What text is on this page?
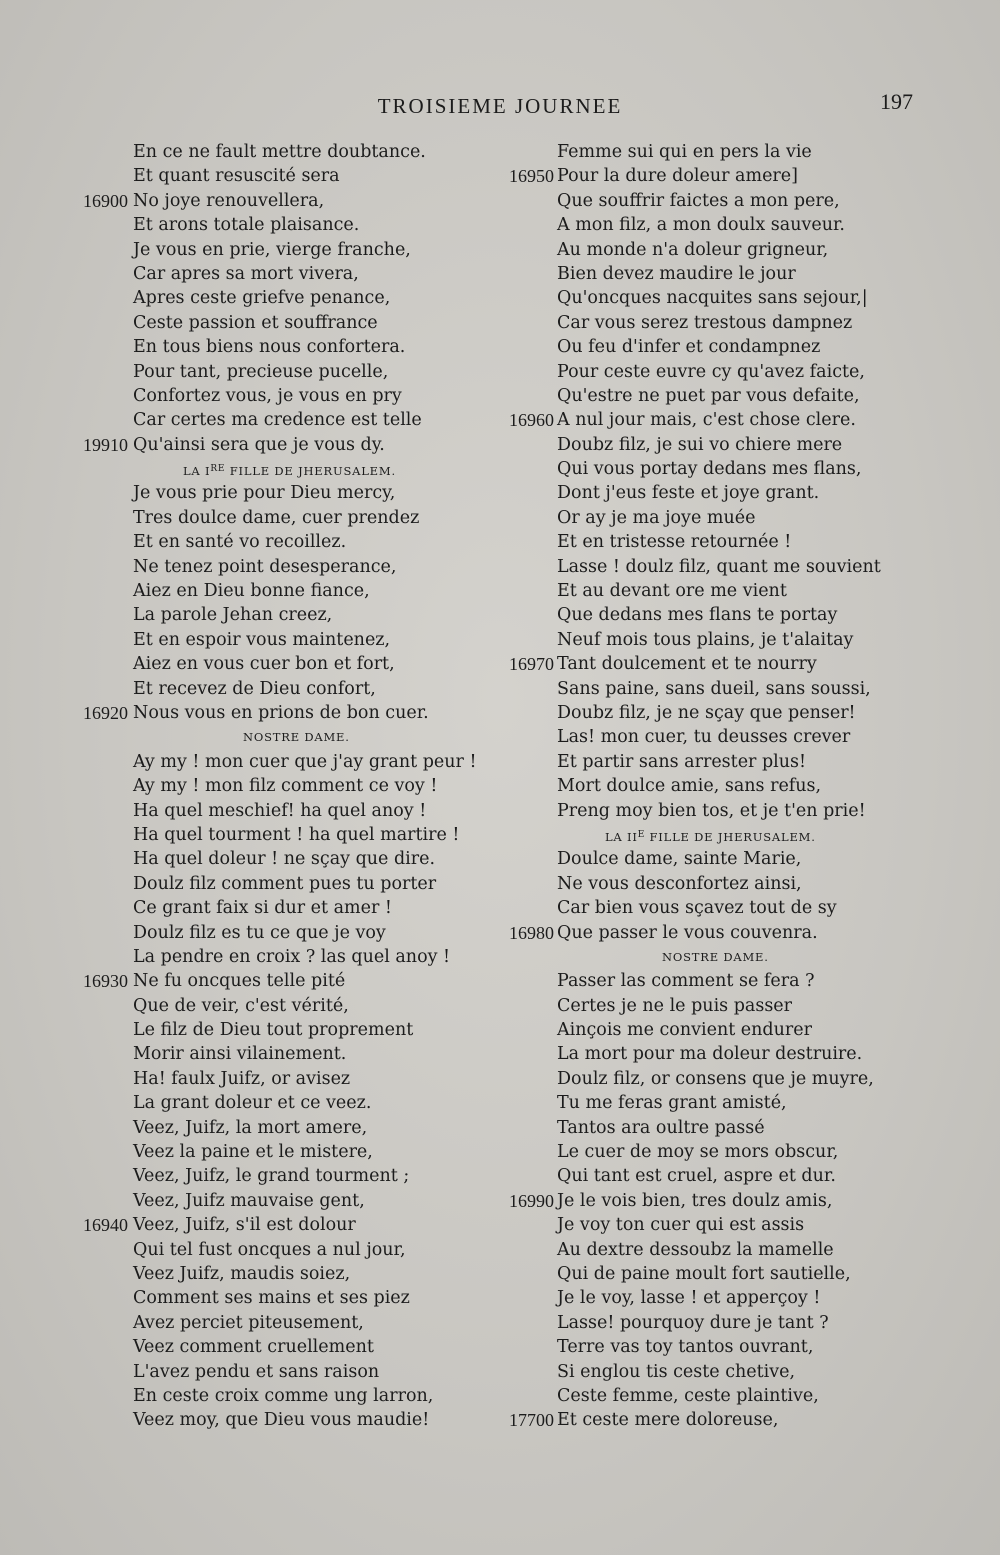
TROISIEME JOURNEE	197
En ce ne fault mettre doubtance.
Et quant resuscité sera
16900 No joye renouvellera,
Et arons totale plaisance.
Je vous en prie, vierge franche,
Car apres sa mort vivera,
Apres ceste griefve penance,
Ceste passion et souffrance
En tous biens nous confortera.
Pour tant, precieuse pucelle,
Confortez vous, je vous en pry
Car certes ma credence est telle
19910 Qu'ainsi sera que je vous dy.
LA IRE FILLE DE JHERUSALEM.
Je vous prie pour Dieu mercy,
Tres doulce dame, cuer prendez
Et en santé vo recoillez.
Ne tenez point desesperance,
Aiez en Dieu bonne fiance,
La parole Jehan creez,
Et en espoir vous maintenez,
Aiez en vous cuer bon et fort,
Et recevez de Dieu confort,
16920 Nous vous en prions de bon cuer.
NOSTRE DAME.
Ay my ! mon cuer que j'ay grant peur !
Ay my ! mon filz comment ce voy !
Ha quel meschief! ha quel anoy !
Ha quel tourment ! ha quel martire !
Ha quel doleur ! ne sçay que dire.
Doulz filz comment pues tu porter
Ce grant faix si dur et amer !
Doulz filz es tu ce que je voy
La pendre en croix ? las quel anoy !
16930 Ne fu oncques telle pité
Que de veir, c'est vérité,
Le filz de Dieu tout proprement
Morir ainsi vilainement.
Ha! faulx Juifz, or avisez
La grant doleur et ce veez.
Veez, Juifz, la mort amere,
Veez la paine et le mistere,
Veez, Juifz, le grand tourment ;
Veez, Juifz mauvaise gent,
16940 Veez, Juifz, s'il est dolour
Qui tel fust oncques a nul jour,
Veez Juifz, maudis soiez,
Comment ses mains et ses piez
Avez perciet piteusement,
Veez comment cruellement
L'avez pendu et sans raison
En ceste croix comme ung larron,
Veez moy, que Dieu vous maudie!
Femme sui qui en pers la vie
16950 Pour la dure doleur amere]
Que souffrir faictes a mon pere,
A mon filz, a mon doulx sauveur.
Au monde n'a doleur grigneur,
Bien devez maudire le jour
Qu'oncques nacquites sans sejour,|
Car vous serez trestous dampnez
Ou feu d'infer et condampnez
Pour ceste euvre cy qu'avez faicte,
Qu'estre ne puet par vous defaite,
16960 A nul jour mais, c'est chose clere.
Doubz filz, je sui vo chiere mere
Qui vous portay dedans mes flans,
Dont j'eus feste et joye grant.
Or ay je ma joye muée
Et en tristesse retournée !
Lasse ! doulz filz, quant me souvient
Et au devant ore me vient
Que dedans mes flans te portay
Neuf mois tous plains, je t'alaitay
16970 Tant doulcement et te nourry
Sans paine, sans dueil, sans soussi,
Doubz filz, je ne sçay que penser!
Las! mon cuer, tu deusses crever
Et partir sans arrester plus!
Mort doulce amie, sans refus,
Preng moy bien tos, et je t'en prie!
LA $II^E$ FILLE DE JHERUSALEM.
Doulce dame, sainte Marie,
Ne vous desconfortez ainsi,
Car bien vous sçavez tout de sy
16980 Que passer le vous couvenra.
NOSTRE DAME.
Passer las comment se fera ?
Certes je ne le puis passer
Ainçois me convient endurer
La mort pour ma doleur destruire.
Doulz filz, or consens que je muyre,
Tu me feras grant amisté,
Tantos ara oultre passé
Le cuer de moy se mors obscur,
Qui tant est cruel, aspre et dur.
16990 Je le vois bien, tres doulz amis,
Je voy ton cuer qui est assis
Au dextre dessoubz la mamelle
Qui de paine moult fort sautielle,
Je le voy, lasse ! et apperçoy !
Lasse! pourquoy dure je tant ?
Terre vas toy tantos ouvrant,
Si englou tis ceste chetive,
Ceste femme, ceste plaintive,
17700 Et ceste mere doloreuse,
